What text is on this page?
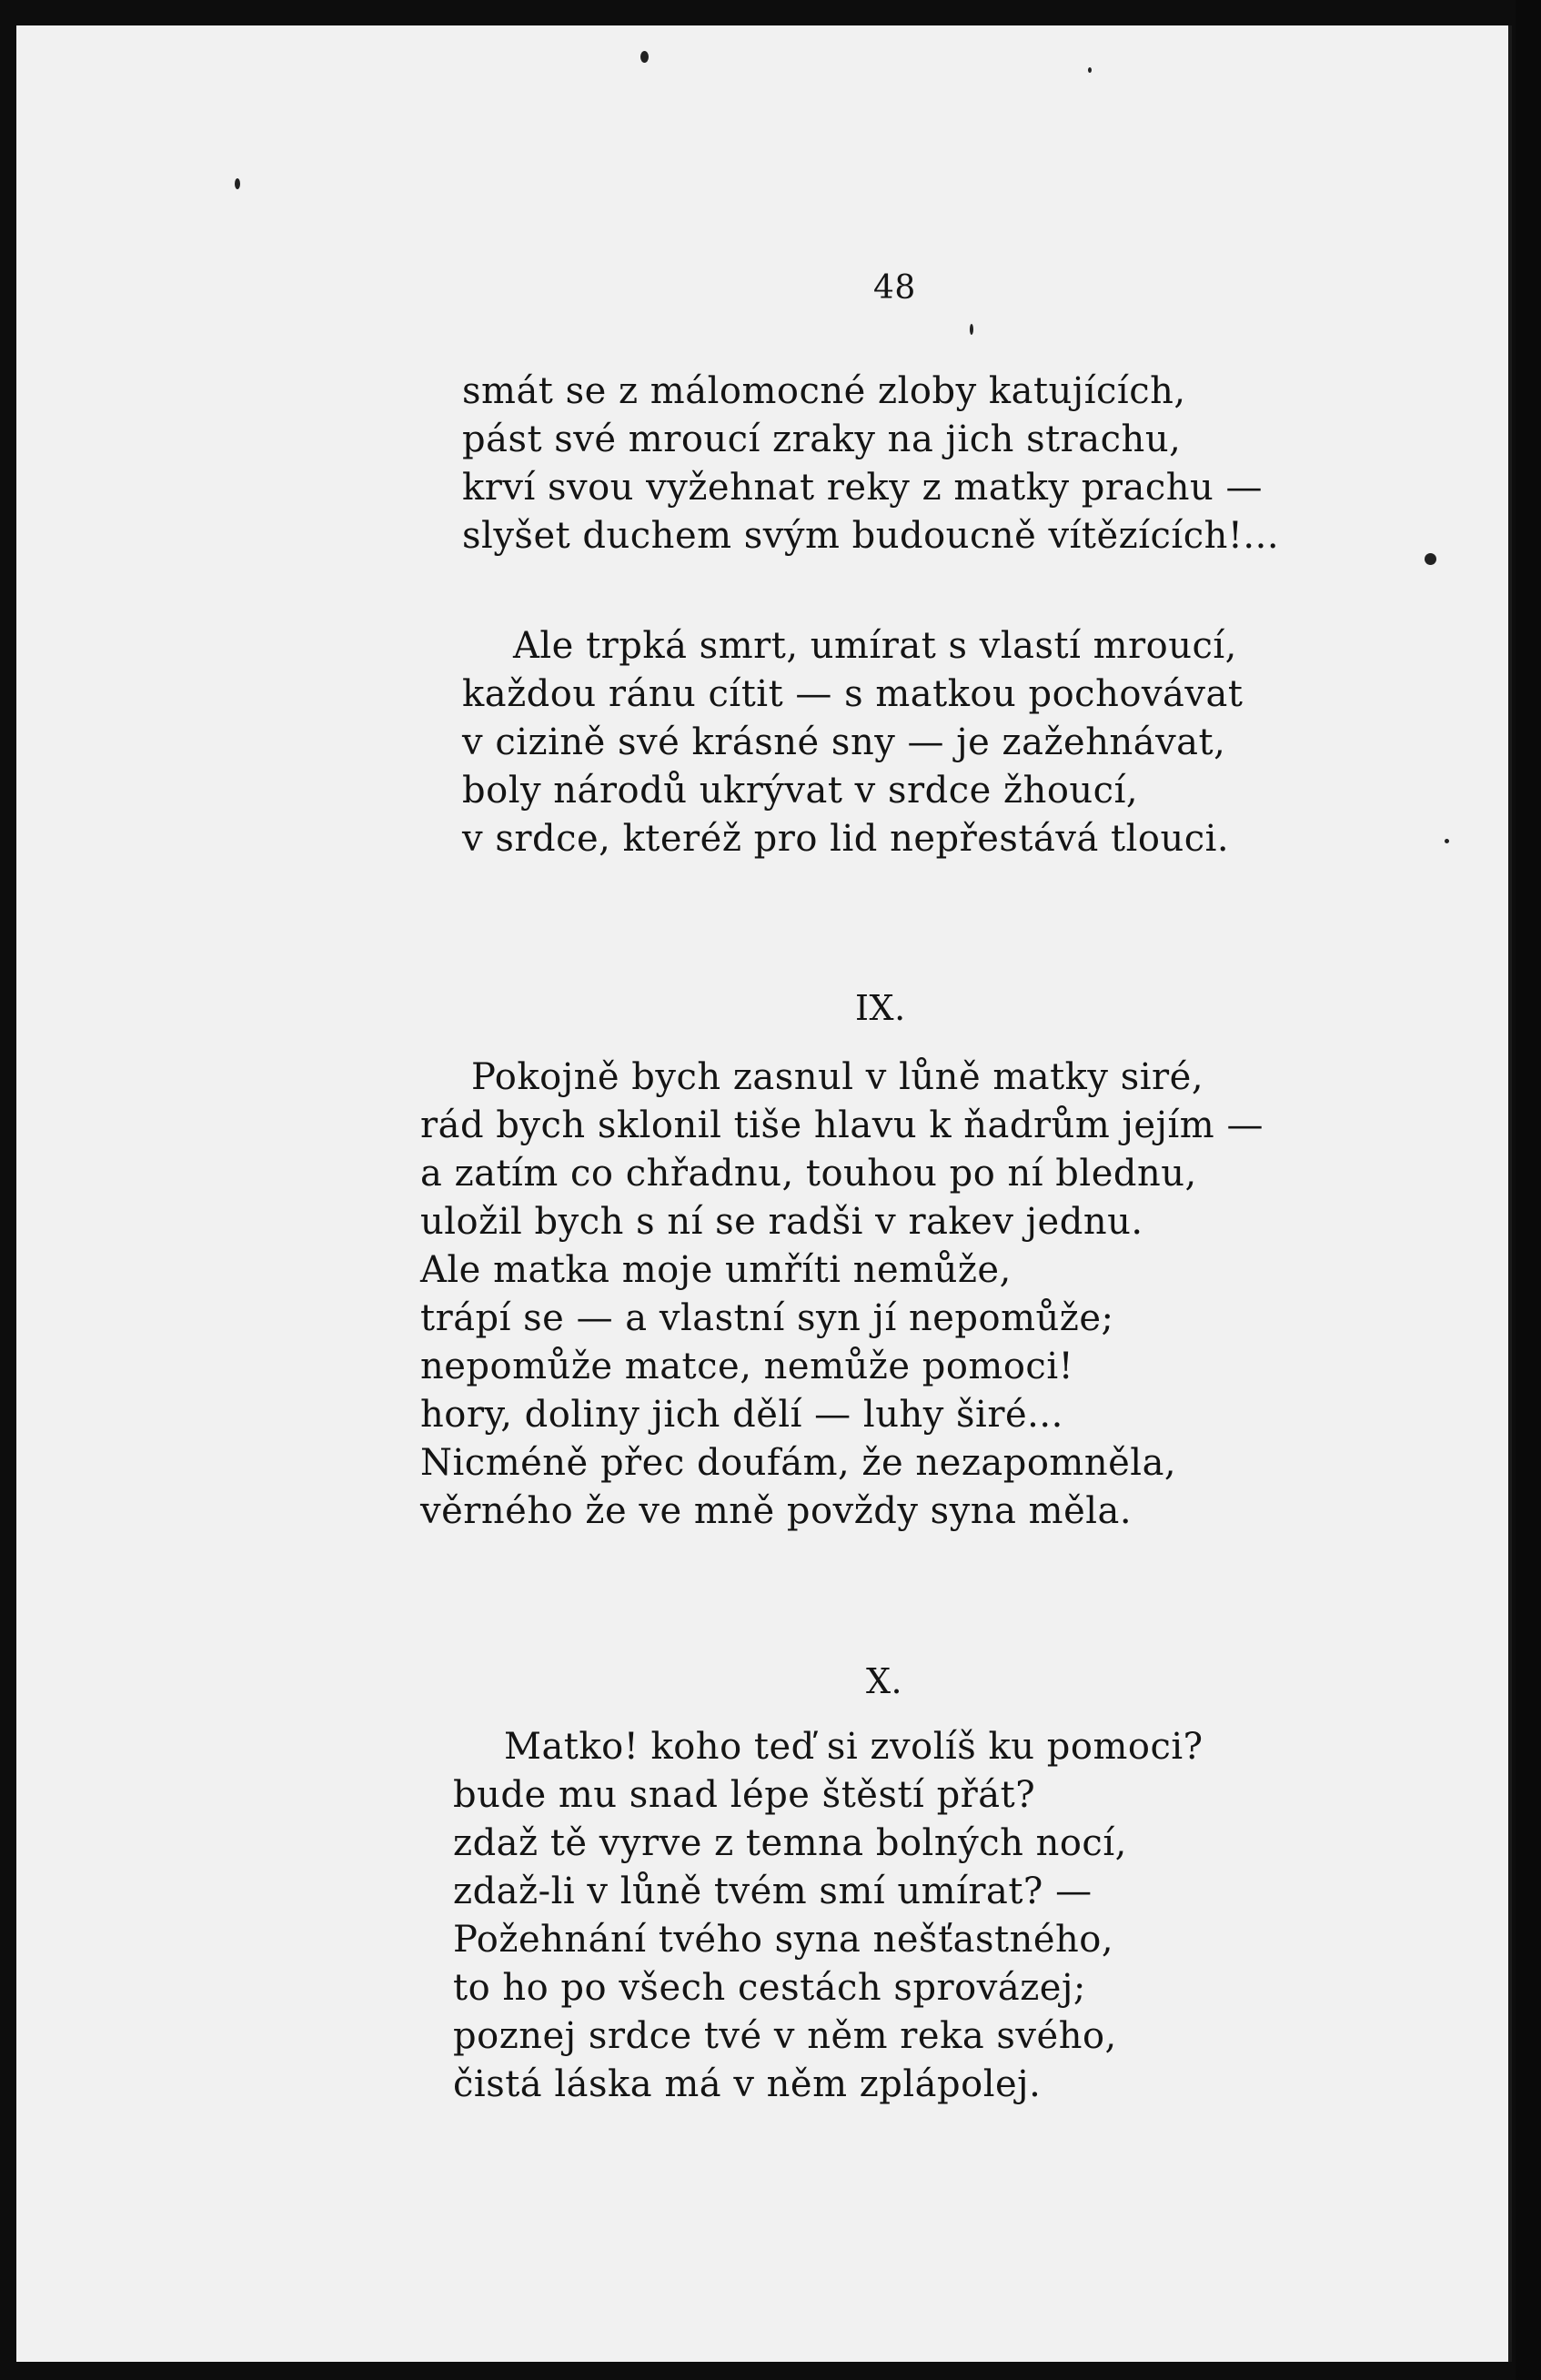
48
smát se z málomocné zloby katujících,
pást své mroucí zraky na jich strachu,
krví svou vyžehnat reky z matky prachu —
slyšet duchem svým budoucně vítězících!...
Ale trpká smrt, umírat s vlastí mroucí,
každou ránu cítit — s matkou pochovávat
v cizině své krásné sny — je zažehnávat,
boly národů ukrývat v srdce žhoucí,
v srdce, kteréž pro lid nepřestává tlouci.
IX.
Pokojně bych zasnul v lůně matky siré,
rád bych sklonil tiše hlavu k ňadrům jejím —
a zatím co chřadnu, touhou po ní blednu,
uložil bych s ní se radši v rakev jednu.
Ale matka moje umříti nemůže,
trápí se — a vlastní syn jí nepomůže;
nepomůže matce, nemůže pomoci!
hory, doliny jich dělí — luhy širé...
Nicméně přec doufám, že nezapomněla,
věrného že ve mně povždy syna měla.
X.
Matko! koho teď si zvolíš ku pomoci?
bude mu snad lépe štěstí přát?
zdaž tě vyrve z temna bolných nocí,
zdaž-li v lůně tvém smí umírat? —
Požehnání tvého syna nešťastného,
to ho po všech cestách sprovázej;
poznej srdce tvé v něm reka svého,
čistá láska má v něm zplápolej.
